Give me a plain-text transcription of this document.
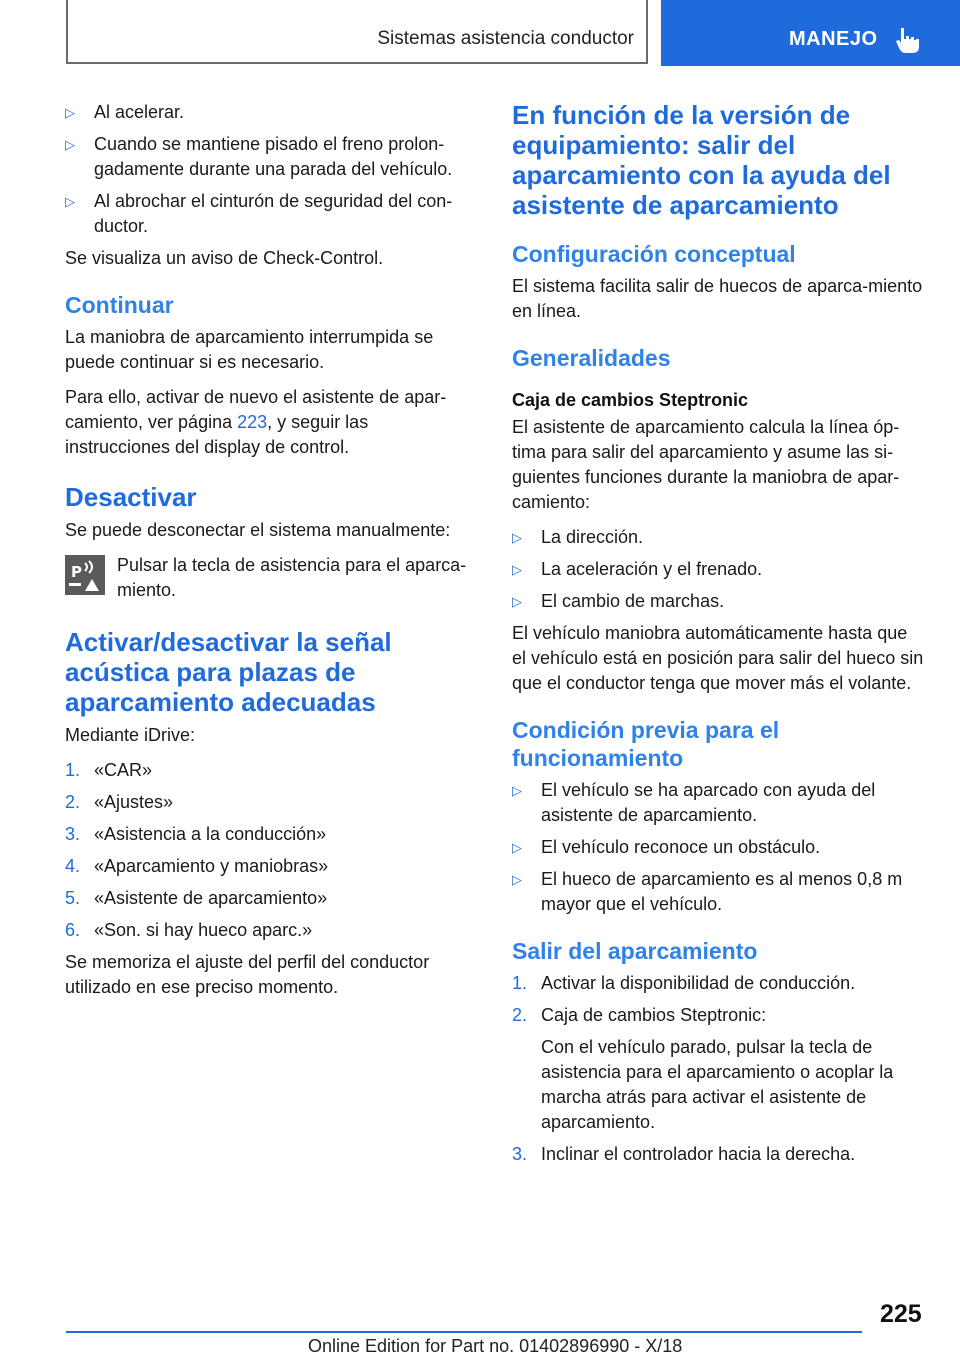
Sistemas asistencia conductor	MANEJO
▷ Al acelerar.
▷ Cuando se mantiene pisado el freno prolon-gadamente durante una parada del vehículo.
▷ Al abrochar el cinturón de seguridad del con-ductor.

Se visualiza un aviso de Check-Control.

Continuar

La maniobra de aparcamiento interrumpida se puede continuar si es necesario.

Para ello, activar de nuevo el asistente de apar-camiento, ver página 223, y seguir las instrucciones del display de control.

Desactivar

Se puede desconectar el sistema manualmente:

P Pulsar la tecla de asistencia para el aparca-miento.
Activar/desactivar la señal acústica para plazas de aparcamiento adecuadas

Mediante iDrive:

1. «CAR»
2. «Ajustes»
3. «Asistencia a la conducción»
4. «Aparcamiento y maniobras»
5. «Asistente de aparcamiento»
6. «Son. si hay hueco aparc.»

Se memoriza el ajuste del perfil del conductor utilizado en ese preciso momento.

En función de la versión de equipamiento: salir del aparcamiento con la ayuda del asistente de aparcamiento
Configuración conceptual

El sistema facilita salir de huecos de aparca-miento en línea.

Generalidades
Caja de cambios Steptronic

El asistente de aparcamiento calcula la línea óp-tima para salir del aparcamiento y asume las si-guientes funciones durante la maniobra de apar-camiento:

▷ La dirección.
▷ La aceleración y el frenado.
▷ El cambio de marchas.

El vehículo maniobra automáticamente hasta que el vehículo está en posición para salir del hueco sin que el conductor tenga que mover más el volante.

Condición previa para el funcionamiento
▷ El vehículo se ha aparcado con ayuda del asistente de aparcamiento.
▷ El vehículo reconoce un obstáculo.
▷ El hueco de aparcamiento es al menos 0,8 m mayor que el vehículo.
Salir del aparcamiento
1. Activar la disponibilidad de conducción.
2. Caja de cambios Steptronic:

Con el vehículo parado, pulsar la tecla de asistencia para el aparcamiento o acoplar la marcha atrás para activar el asistente de aparcamiento.

3. Inclinar el controlador hacia la derecha.
225
Online Edition for Part no. 01402896990 - X/18
